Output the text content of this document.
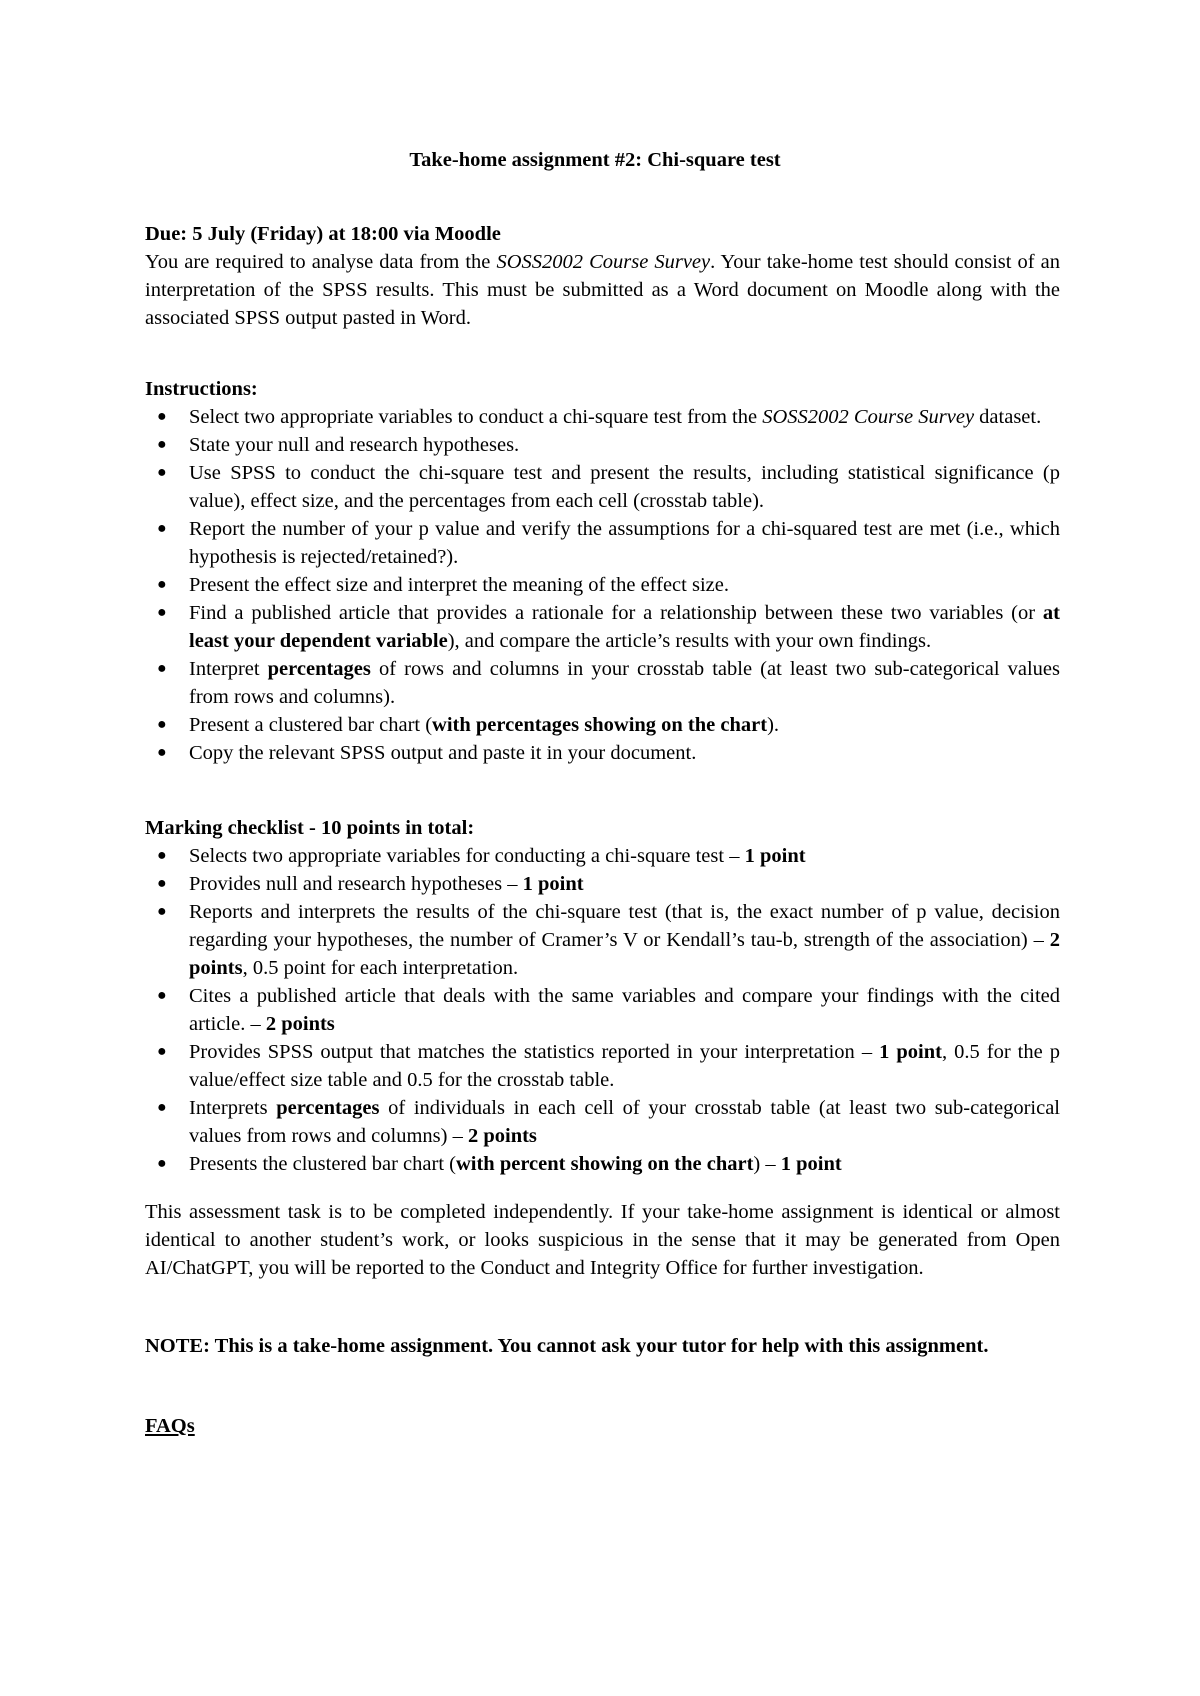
Take-home assignment #2: Chi-square test
Due: 5 July (Friday) at 18:00 via Moodle
You are required to analyse data from the SOSS2002 Course Survey. Your take-home test should consist of an interpretation of the SPSS results. This must be submitted as a Word document on Moodle along with the associated SPSS output pasted in Word.
Instructions:
● Select two appropriate variables to conduct a chi-square test from the SOSS2002 Course Survey dataset.
● State your null and research hypotheses.
● Use SPSS to conduct the chi-square test and present the results, including statistical significance (p value), effect size, and the percentages from each cell (crosstab table).
● Report the number of your p value and verify the assumptions for a chi-squared test are met (i.e., which hypothesis is rejected/retained?).
● Present the effect size and interpret the meaning of the effect size.
● Find a published article that provides a rationale for a relationship between these two variables (or at least your dependent variable), and compare the article’s results with your own findings.
● Interpret percentages of rows and columns in your crosstab table (at least two sub-categorical values from rows and columns).
● Present a clustered bar chart (with percentages showing on the chart).
● Copy the relevant SPSS output and paste it in your document.
Marking checklist - 10 points in total:
● Selects two appropriate variables for conducting a chi-square test – 1 point
● Provides null and research hypotheses – 1 point
● Reports and interprets the results of the chi-square test (that is, the exact number of p value, decision regarding your hypotheses, the number of Cramer’s V or Kendall’s tau-b, strength of the association) – 2 points, 0.5 point for each interpretation.
● Cites a published article that deals with the same variables and compare your findings with the cited article. – 2 points
● Provides SPSS output that matches the statistics reported in your interpretation – 1 point, 0.5 for the p value/effect size table and 0.5 for the crosstab table.
● Interprets percentages of individuals in each cell of your crosstab table (at least two sub-categorical values from rows and columns) – 2 points
● Presents the clustered bar chart (with percent showing on the chart) – 1 point
This assessment task is to be completed independently. If your take-home assignment is identical or almost identical to another student’s work, or looks suspicious in the sense that it may be generated from Open AI/ChatGPT, you will be reported to the Conduct and Integrity Office for further investigation.
NOTE: This is a take-home assignment. You cannot ask your tutor for help with this assignment.
FAQs
